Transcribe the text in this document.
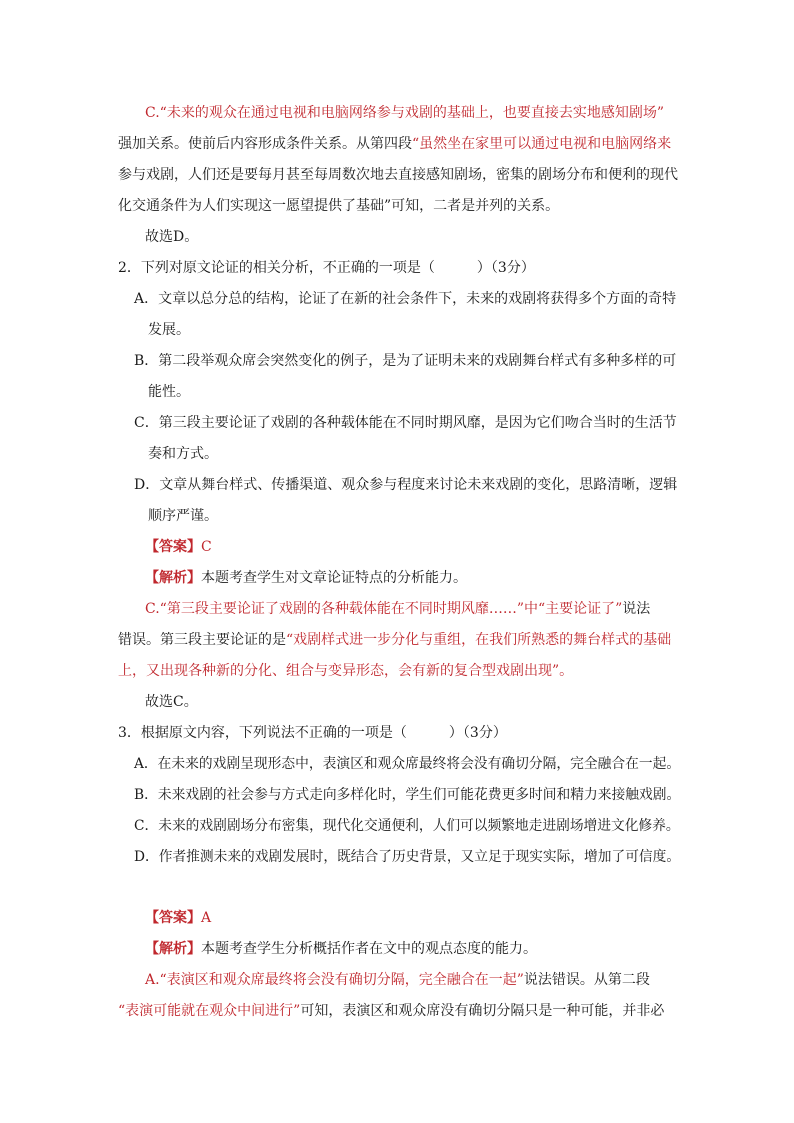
C.“未来的观众在通过电视和电脑网络参与戏剧的基础上，也要直接去实地感知剧场”
强加关系。使前后内容形成条件关系。从第四段“虽然坐在家里可以通过电视和电脑网络来
参与戏剧，人们还是要每月甚至每周数次地去直接感知剧场，密集的剧场分布和便利的现代
化交通条件为人们实现这一愿望提供了基础”可知，二者是并列的关系。
故选D。
2．下列对原文论证的相关分析，不正确的一项是（　　　）（3分）
A．文章以总分总的结构，论证了在新的社会条件下，未来的戏剧将获得多个方面的奇特
发展。
B．第二段举观众席会突然变化的例子，是为了证明未来的戏剧舞台样式有多种多样的可
能性。
C．第三段主要论证了戏剧的各种载体能在不同时期风靡，是因为它们吻合当时的生活节
奏和方式。
D．文章从舞台样式、传播渠道、观众参与程度来讨论未来戏剧的变化，思路清晰，逻辑
顺序严谨。
【答案】C
【解析】本题考查学生对文章论证特点的分析能力。
C.“第三段主要论证了戏剧的各种载体能在不同时期风靡……”中“主要论证了”说法
错误。第三段主要论证的是“戏剧样式进一步分化与重组，在我们所熟悉的舞台样式的基础
上，又出现各种新的分化、组合与变异形态，会有新的复合型戏剧出现”。
故选C。
3．根据原文内容，下列说法不正确的一项是（　　　）（3分）
A．在未来的戏剧呈现形态中，表演区和观众席最终将会没有确切分隔，完全融合在一起。
B．未来戏剧的社会参与方式走向多样化时，学生们可能花费更多时间和精力来接触戏剧。
C．未来的戏剧剧场分布密集，现代化交通便利，人们可以频繁地走进剧场增进文化修养。
D．作者推测未来的戏剧发展时，既结合了历史背景，又立足于现实实际，增加了可信度。
【答案】A
【解析】本题考查学生分析概括作者在文中的观点态度的能力。
A.“表演区和观众席最终将会没有确切分隔，完全融合在一起”说法错误。从第二段
“表演可能就在观众中间进行”可知，表演区和观众席没有确切分隔只是一种可能，并非必
